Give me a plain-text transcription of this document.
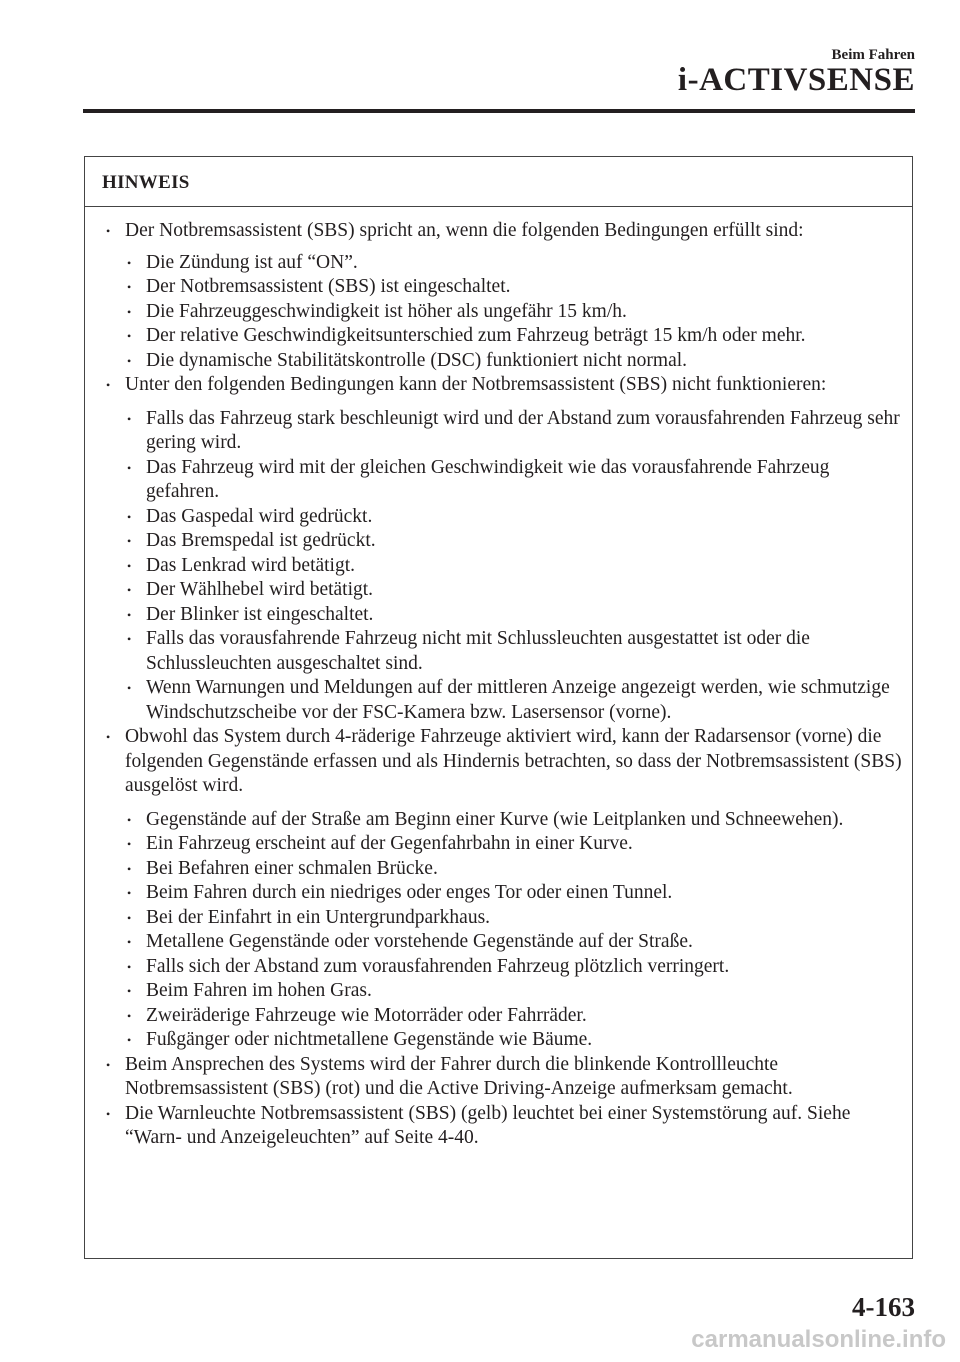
Beim Fahren
i-ACTIVSENSE
HINWEIS
• Der Notbremsassistent (SBS) spricht an, wenn die folgenden Bedingungen erfüllt sind:
• Die Zündung ist auf “ON”.
• Der Notbremsassistent (SBS) ist eingeschaltet.
• Die Fahrzeuggeschwindigkeit ist höher als ungefähr 15 km/h.
• Der relative Geschwindigkeitsunterschied zum Fahrzeug beträgt 15 km/h oder mehr.
• Die dynamische Stabilitätskontrolle (DSC) funktioniert nicht normal.
• Unter den folgenden Bedingungen kann der Notbremsassistent (SBS) nicht funktionieren:
• Falls das Fahrzeug stark beschleunigt wird und der Abstand zum vorausfahrenden Fahrzeug sehr gering wird.
• Das Fahrzeug wird mit der gleichen Geschwindigkeit wie das vorausfahrende Fahrzeug gefahren.
• Das Gaspedal wird gedrückt.
• Das Bremspedal ist gedrückt.
• Das Lenkrad wird betätigt.
• Der Wählhebel wird betätigt.
• Der Blinker ist eingeschaltet.
• Falls das vorausfahrende Fahrzeug nicht mit Schlussleuchten ausgestattet ist oder die Schlussleuchten ausgeschaltet sind.
• Wenn Warnungen und Meldungen auf der mittleren Anzeige angezeigt werden, wie schmutzige Windschutzscheibe vor der FSC-Kamera bzw. Lasersensor (vorne).
• Obwohl das System durch 4-räderige Fahrzeuge aktiviert wird, kann der Radarsensor (vorne) die folgenden Gegenstände erfassen und als Hindernis betrachten, so dass der Notbremsassistent (SBS) ausgelöst wird.
• Gegenstände auf der Straße am Beginn einer Kurve (wie Leitplanken und Schneewehen).
• Ein Fahrzeug erscheint auf der Gegenfahrbahn in einer Kurve.
• Bei Befahren einer schmalen Brücke.
• Beim Fahren durch ein niedriges oder enges Tor oder einen Tunnel.
• Bei der Einfahrt in ein Untergrundparkhaus.
• Metallene Gegenstände oder vorstehende Gegenstände auf der Straße.
• Falls sich der Abstand zum vorausfahrenden Fahrzeug plötzlich verringert.
• Beim Fahren im hohen Gras.
• Zweiräderige Fahrzeuge wie Motorräder oder Fahrräder.
• Fußgänger oder nichtmetallene Gegenstände wie Bäume.
• Beim Ansprechen des Systems wird der Fahrer durch die blinkende Kontrollleuchte Notbremsassistent (SBS) (rot) und die Active Driving-Anzeige aufmerksam gemacht.
• Die Warnleuchte Notbremsassistent (SBS) (gelb) leuchtet bei einer Systemstörung auf. Siehe “Warn- und Anzeigeleuchten” auf Seite 4-40.
4-163
carmanualsonline.info
